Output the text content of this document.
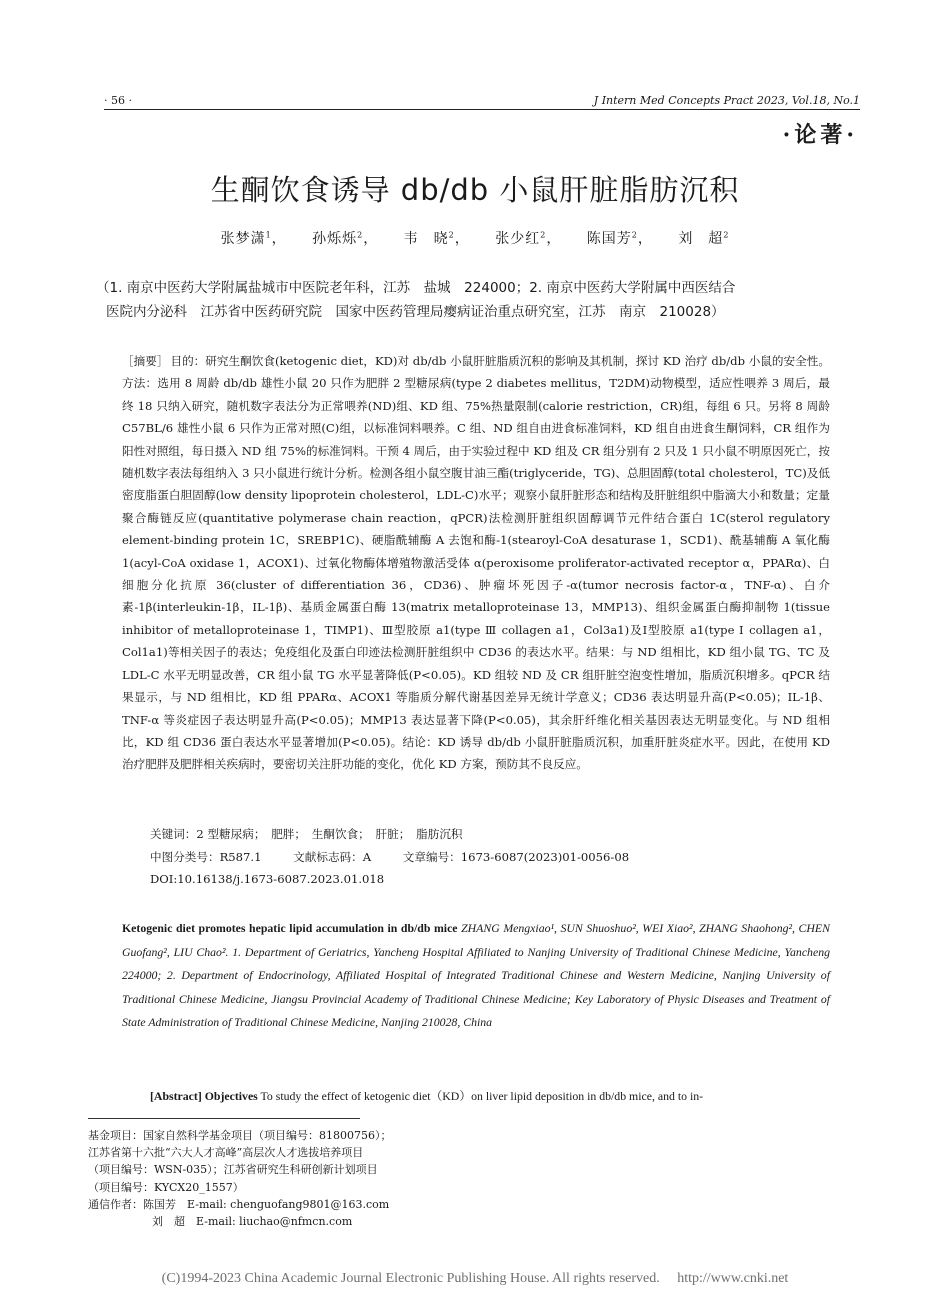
· 56 ·	J Intern Med Concepts Pract 2023, Vol.18, No.1
·论著·
生酮饮食诱导 db/db 小鼠肝脏脂肪沉积
张梦潇$^1$， 孙烁烁$^2$， 韦　晓$^2$， 张少红$^2$， 陈国芳$^2$， 刘　超$^2$
（1. 南京中医药大学附属盐城市中医院老年科，江苏　盐城　224000；2. 南京中医药大学附属中西医结合
医院内分泌科　江苏省中医药研究院　国家中医药管理局瘿病证治重点研究室，江苏　南京　210028）
［摘要］ 目的：研究生酮饮食(ketogenic diet，KD)对 db/db 小鼠肝脏脂质沉积的影响及其机制，探讨 KD 治疗 db/db 小鼠的安全性。方法：选用 8 周龄 db/db 雄性小鼠 20 只作为肥胖 2 型糖尿病(type 2 diabetes mellitus，T2DM)动物模型，适应性喂养 3 周后，最终 18 只纳入研究，随机数字表法分为正常喂养(ND)组、KD 组、75%热量限制(calorie restriction，CR)组，每组 6 只。另将 8 周龄 C57BL/6 雄性小鼠 6 只作为正常对照(C)组，以标准饲料喂养。C 组、ND 组自由进食标准饲料，KD 组自由进食生酮饲料，CR 组作为阳性对照组，每日摄入 ND 组 75%的标准饲料。干预 4 周后，由于实验过程中 KD 组及 CR 组分别有 2 只及 1 只小鼠不明原因死亡，按随机数字表法每组纳入 3 只小鼠进行统计分析。检测各组小鼠空腹甘油三酯(triglyceride，TG)、总胆固醇(total cholesterol，TC)及低密度脂蛋白胆固醇(low density lipoprotein cholesterol，LDL-C)水平；观察小鼠肝脏形态和结构及肝脏组织中脂滴大小和数量；定量聚合酶链反应(quantitative polymerase chain reaction，qPCR)法检测肝脏组织固醇调节元件结合蛋白 1C(sterol regulatory element-binding protein 1C，SREBP1C)、硬脂酰辅酶 A 去饱和酶-1(stearoyl-CoA desaturase 1，SCD1)、酰基辅酶 A 氧化酶 1(acyl-CoA oxidase 1，ACOX1)、过氧化物酶体增殖物激活受体 α(peroxisome proliferator-activated receptor α，PPARα)、白细胞分化抗原 36(cluster of differentiation 36，CD36)、肿瘤坏死因子-α(tumor necrosis factor-α，TNF-α)、白介素-1β(interleukin-1β，IL-1β)、基质金属蛋白酶 13(matrix metalloproteinase 13，MMP13)、组织金属蛋白酶抑制物 1(tissue inhibitor of metalloproteinase 1，TIMP1)、Ⅲ型胶原 a1(type Ⅲ collagen a1，Col3a1)及Ⅰ型胶原 a1(type Ⅰ collagen a1，Col1a1)等相关因子的表达；免疫组化及蛋白印迹法检测肝脏组织中 CD36 的表达水平。结果：与 ND 组相比，KD 组小鼠 TG、TC 及 LDL-C 水平无明显改善，CR 组小鼠 TG 水平显著降低(P<0.05)。KD 组较 ND 及 CR 组肝脏空泡变性增加，脂质沉积增多。qPCR 结果显示，与 ND 组相比，KD 组 PPARα、ACOX1 等脂质分解代谢基因差异无统计学意义；CD36 表达明显升高(P<0.05)；IL-1β、TNF-α 等炎症因子表达明显升高(P<0.05)；MMP13 表达显著下降(P<0.05)，其余肝纤维化相关基因表达无明显变化。与 ND 组相比，KD 组 CD36 蛋白表达水平显著增加(P<0.05)。结论：KD 诱导 db/db 小鼠肝脏脂质沉积，加重肝脏炎症水平。因此，在使用 KD 治疗肥胖及肥胖相关疾病时，要密切关注肝功能的变化，优化 KD 方案，预防其不良反应。
关键词：2 型糖尿病；　肥胖；　生酮饮食；　肝脏；　脂肪沉积
中图分类号：R587.1	文献标志码：A	文章编号：1673-6087(2023)01-0056-08
DOI:10.16138/j.1673-6087.2023.01.018
Ketogenic diet promotes hepatic lipid accumulation in db/db mice ZHANG Mengxiao¹, SUN Shuoshuo², WEI Xiao², ZHANG Shaohong², CHEN Guofang², LIU Chao². 1. Department of Geriatrics, Yancheng Hospital Affiliated to Nanjing University of Traditional Chinese Medicine, Yancheng 224000; 2. Department of Endocrinology, Affiliated Hospital of Integrated Traditional Chinese and Western Medicine, Nanjing University of Traditional Chinese Medicine, Jiangsu Provincial Academy of Traditional Chinese Medicine; Key Laboratory of Physic Diseases and Treatment of State Administration of Traditional Chinese Medicine, Nanjing 210028, China
[Abstract] Objectives To study the effect of ketogenic diet（KD）on liver lipid deposition in db/db mice, and to in-
基金项目：国家自然科学基金项目（项目编号：81800756）；
江苏省第十六批“六大人才高峰”高层次人才选拔培养项目
（项目编号：WSN-035）；江苏省研究生科研创新计划项目
（项目编号：KYCX20_1557）
通信作者：陈国芳　E-mail: chenguofang9801@163.com
刘　超　E-mail: liuchao@nfmcn.com
(C)1994-2023 China Academic Journal Electronic Publishing House. All rights reserved.　 http://www.cnki.net
